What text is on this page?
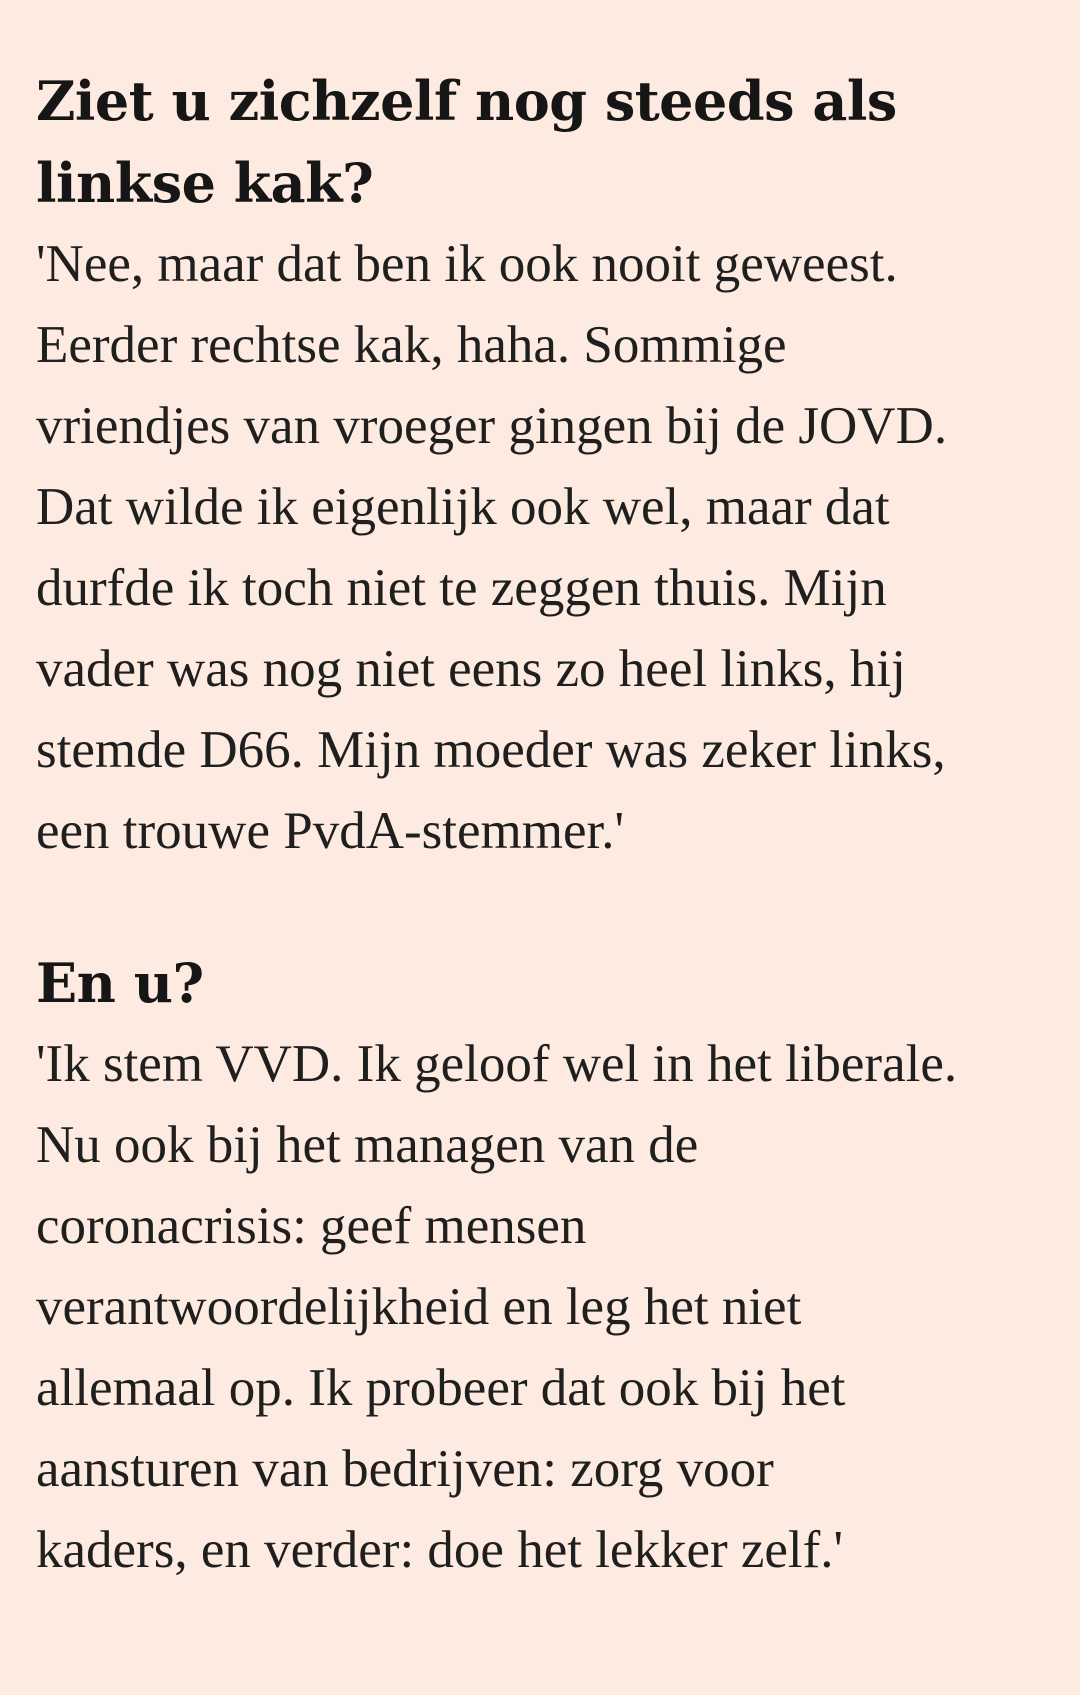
Ziet u zichzelf nog steeds als
linkse kak?

'Nee, maar dat ben ik ook nooit geweest.
Eerder rechtse kak, haha. Sommige
vriendjes van vroeger gingen bij de JOVD.
Dat wilde ik eigenlijk ook wel, maar dat
durfde ik toch niet te zeggen thuis. Mijn
vader was nog niet eens zo heel links, hij
stemde D66. Mijn moeder was zeker links,
een trouwe PvdA-stemmer.'

En u?

'Ik stem VVD. Ik geloof wel in het liberale.
Nu ook bij het managen van de
coronacrisis: geef mensen
verantwoordelijkheid en leg het niet
allemaal op. Ik probeer dat ook bij het
aansturen van bedrijven: zorg voor
kaders, en verder: doe het lekker zelf.'
